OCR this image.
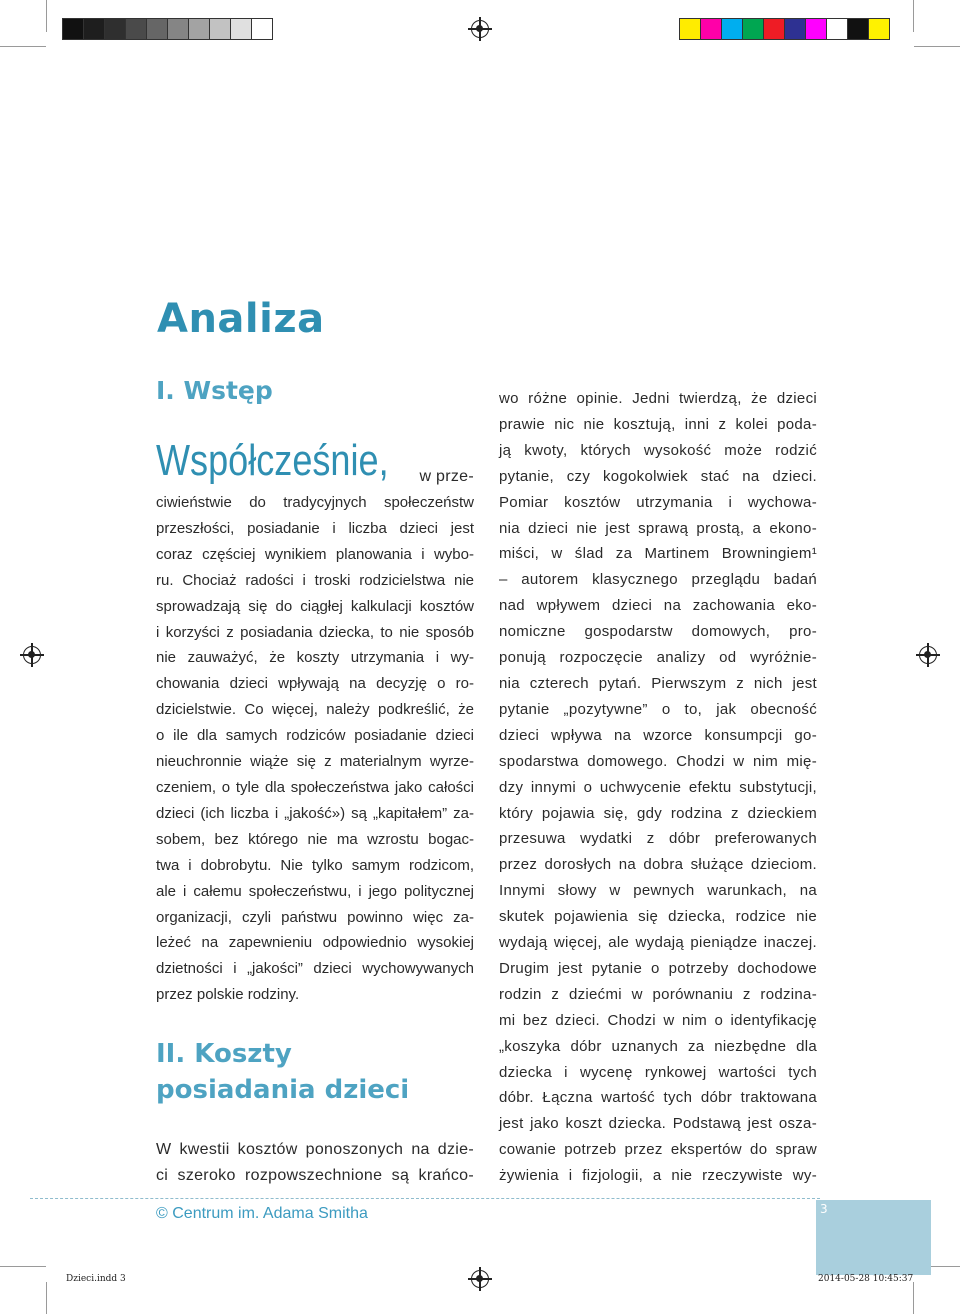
Analiza
I. Wstęp
Współcześnie, w prze-

ciwieństwie do tradycyjnych społeczeństw

przeszłości, posiadanie i liczba dzieci jest

coraz częściej wynikiem planowania i wybo-

ru. Chociaż radości i troski rodzicielstwa nie

sprowadzają się do ciągłej kalkulacji kosztów

i korzyści z posiadania dziecka, to nie sposób

nie zauważyć, że koszty utrzymania i wy-

chowania dzieci wpływają na decyzję o ro-

dzicielstwie. Co więcej, należy podkreślić, że

o ile dla samych rodziców posiadanie dzieci

nieuchronnie wiąże się z materialnym wyrze-

czeniem, o tyle dla społeczeństwa jako całości

dzieci (ich liczba i „jakość») są „kapitałem” za-

sobem, bez którego nie ma wzrostu bogac-

twa i dobrobytu. Nie tylko samym rodzicom,

ale i całemu społeczeństwu, i jego politycznej

organizacji, czyli państwu powinno więc za-

leżeć na zapewnieniu odpowiednio wysokiej

dzietności i „jakości” dzieci wychowywanych

przez polskie rodziny.

II. Koszty
posiadania dzieci

W kwestii kosztów ponoszonych na dzie-

ci szeroko rozpowszechnione są krańco-

wo różne opinie. Jedni twierdzą, że dzieci

prawie nic nie kosztują, inni z kolei poda-

ją kwoty, których wysokość może rodzić

pytanie, czy kogokolwiek stać na dzieci.

Pomiar kosztów utrzymania i wychowa-

nia dzieci nie jest sprawą prostą, a ekono-

miści, w ślad za Martinem Browningiem¹

– autorem klasycznego przeglądu badań

nad wpływem dzieci na zachowania eko-

nomiczne gospodarstw domowych, pro-

ponują rozpoczęcie analizy od wyróżnie-

nia czterech pytań. Pierwszym z nich jest

pytanie „pozytywne” o to, jak obecność

dzieci wpływa na wzorce konsumpcji go-

spodarstwa domowego. Chodzi w nim mię-

dzy innymi o uchwycenie efektu substytucji,

który pojawia się, gdy rodzina z dzieckiem

przesuwa wydatki z dóbr preferowanych

przez dorosłych na dobra służące dzieciom.

Innymi słowy w pewnych warunkach, na

skutek pojawienia się dziecka, rodzice nie

wydają więcej, ale wydają pieniądze inaczej.

Drugim jest pytanie o potrzeby dochodowe

rodzin z dziećmi w porównaniu z rodzina-

mi bez dzieci. Chodzi w nim o identyfikację

„koszyka dóbr uznanych za niezbędne dla

dziecka i wycenę rynkowej wartości tych

dóbr. Łączna wartość tych dóbr traktowana

jest jako koszt dziecka. Podstawą jest osza-

cowanie potrzeb przez ekspertów do spraw

żywienia i fizjologii, a nie rzeczywiste wy-

© Centrum im. Adama Smitha	3
Dzieci.indd 3	2014-05-28 10:45:37
